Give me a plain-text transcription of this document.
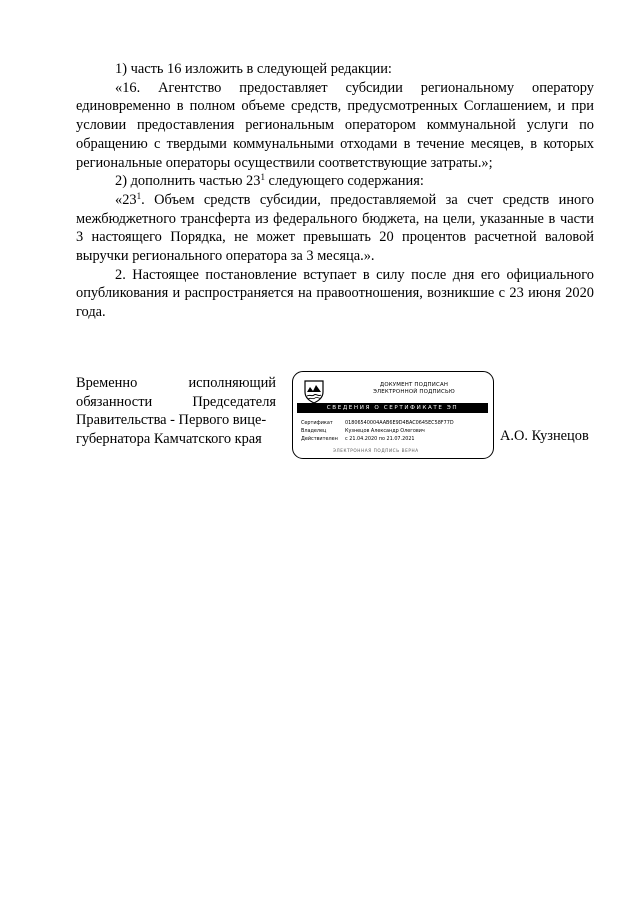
1) часть 16 изложить в следующей редакции:

«16. Агентство предоставляет субсидии региональному оператору единовременно в полном объеме средств, предусмотренных Соглашением, и при условии предоставления региональным оператором коммунальной услуги по обращению с твердыми коммунальными отходами в течение месяцев, в которых региональные операторы осуществили соответствующие затраты.»;

2) дополнить частью $23^1$ следующего содержания:

«$23^1$. Объем средств субсидии, предоставляемой за счет средств иного межбюджетного трансферта из федерального бюджета, на цели, указанные в части 3 настоящего Порядка, не может превышать 20 процентов расчетной валовой выручки регионального оператора за 3 месяца.».

2. Настоящее постановление вступает в силу после дня его официального опубликования и распространяется на правоотношения, возникшие с 23 июня 2020 года.

Временно	исполняющий
обязанности	Председателя
Правительства - Первого вице-
губернатора Камчатского края
ДОКУМЕНТ ПОДПИСАН
ЭЛЕКТРОННОЙ ПОДПИСЬЮ
СВЕДЕНИЯ О СЕРТИФИКАТЕ ЭП
Сертификат	01806540004AAB6E9D4BAC0645EC58F77D
Владелец	Кузнецов Александр Олегович
Действителен с 21.04.2020 по 21.07.2021
ЭЛЕКТРОННАЯ ПОДПИСЬ ВЕРНА
А.О. Кузнецов
